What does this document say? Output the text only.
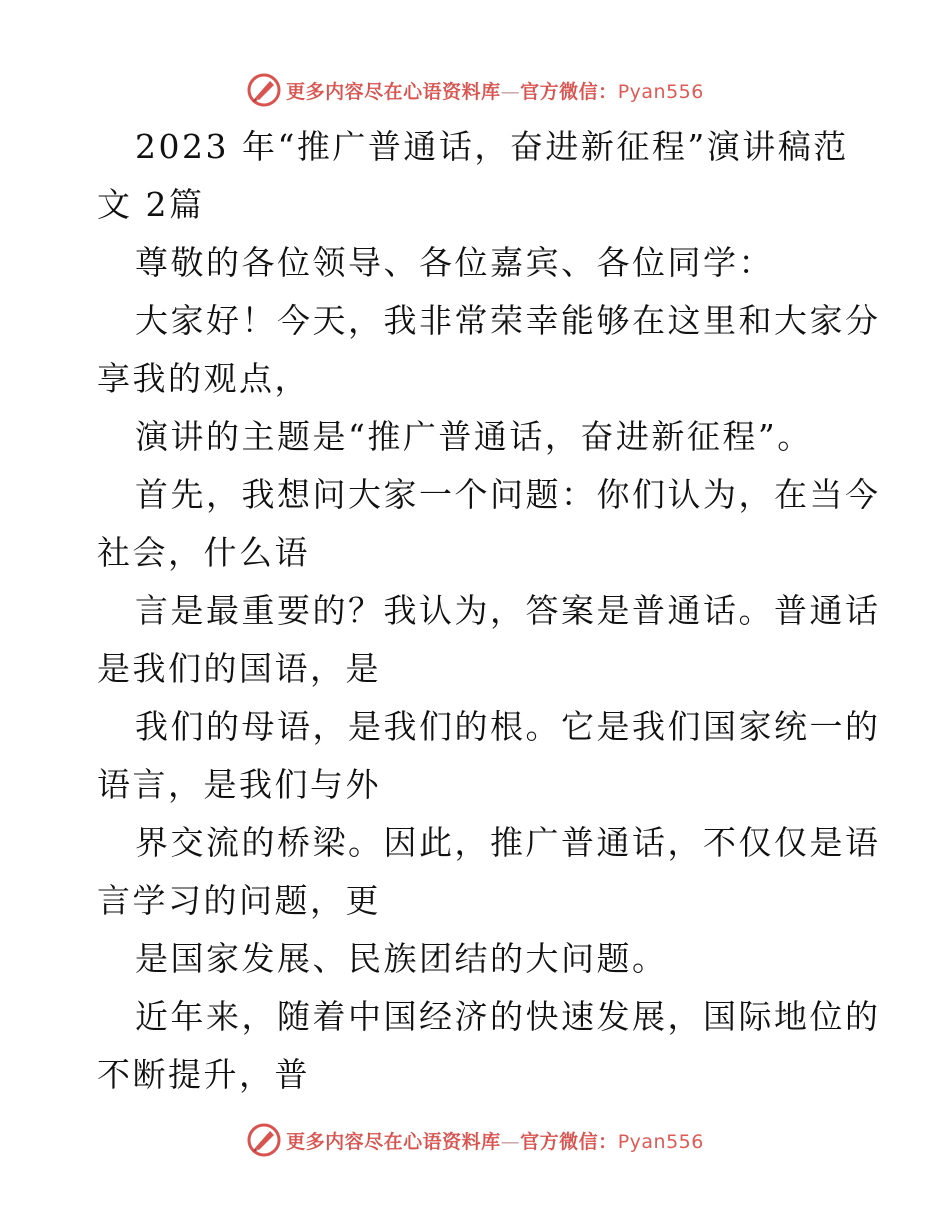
更多内容尽在心语资料库—官方微信：Pyan556
2023 年“推广普通话，奋进新征程”演讲稿范
文 2篇
尊敬的各位领导、各位嘉宾、各位同学：
大家好！今天，我非常荣幸能够在这里和大家分
享我的观点，
演讲的主题是“推广普通话，奋进新征程”。
首先，我想问大家一个问题：你们认为，在当今
社会，什么语
言是最重要的？我认为，答案是普通话。普通话
是我们的国语，是
我们的母语，是我们的根。它是我们国家统一的
语言，是我们与外
界交流的桥梁。因此，推广普通话，不仅仅是语
言学习的问题，更
是国家发展、民族团结的大问题。
近年来，随着中国经济的快速发展，国际地位的
不断提升，普
更多内容尽在心语资料库—官方微信：Pyan556
